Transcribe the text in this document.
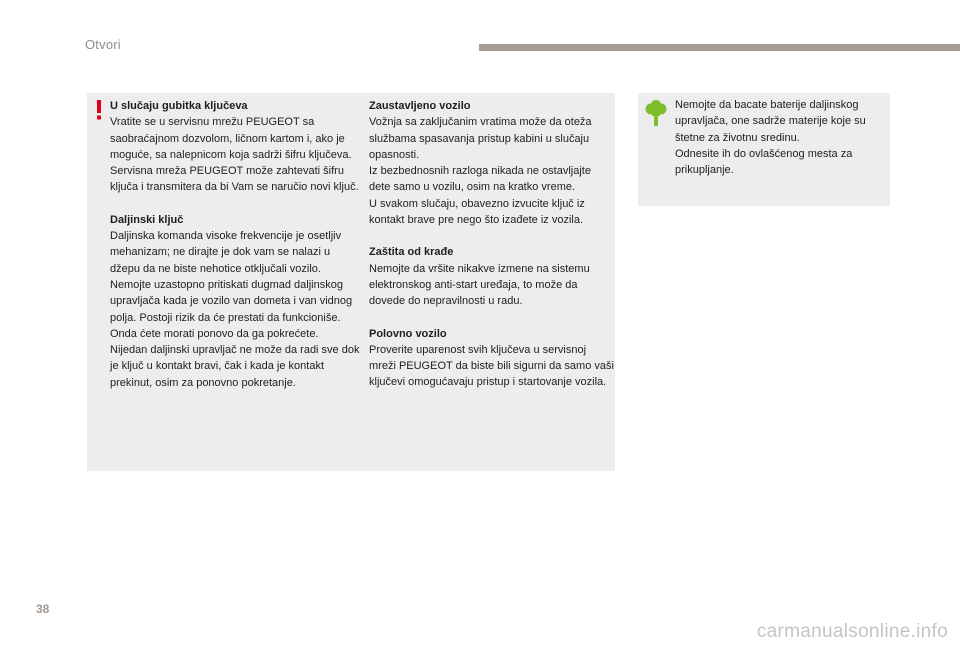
Otvori
U slučaju gubitka ključeva
Vratite se u servisnu mrežu PEUGEOT sa saobraćajnom dozvolom, ličnom kartom i, ako je moguće, sa nalepnicom koja sadrži šifru ključeva.
Servisna mreža PEUGEOT može zahtevati šifru ključa i transmitera da bi Vam se naručio novi ključ.
Daljinski ključ
Daljinska komanda visoke frekvencije je osetljiv mehanizam; ne dirajte je dok vam se nalazi u džepu da ne biste nehotice otključali vozilo.
Nemojte uzastopno pritiskati dugmad daljinskog upravljača kada je vozilo van dometa i van vidnog polja. Postoji rizik da će prestati da funkcioniše. Onda ćete morati ponovo da ga pokrećete.
Nijedan daljinski upravljač ne može da radi sve dok je ključ u kontakt bravi, čak i kada je kontakt prekinut, osim za ponovno pokretanje.
Zaustavljeno vozilo
Vožnja sa zaključanim vratima može da oteža službama spasavanja pristup kabini u slučaju opasnosti.
Iz bezbednosnih razloga nikada ne ostavljajte dete samo u vozilu, osim na kratko vreme.
U svakom slučaju, obavezno izvucite ključ iz kontakt brave pre nego što izađete iz vozila.
Zaštita od krađe
Nemojte da vršite nikakve izmene na sistemu elektronskog anti-start uređaja, to može da dovede do nepravilnosti u radu.
Polovno vozilo
Proverite uparenost svih ključeva u servisnoj mreži PEUGEOT da biste bili sigurni da samo vaši ključevi omogućavaju pristup i startovanje vozila.
Nemojte da bacate baterije daljinskog upravljača, one sadrže materije koje su štetne za životnu sredinu.
Odnesite ih do ovlašćenog mesta za prikupljanje.
38
carmanualsonline.info
